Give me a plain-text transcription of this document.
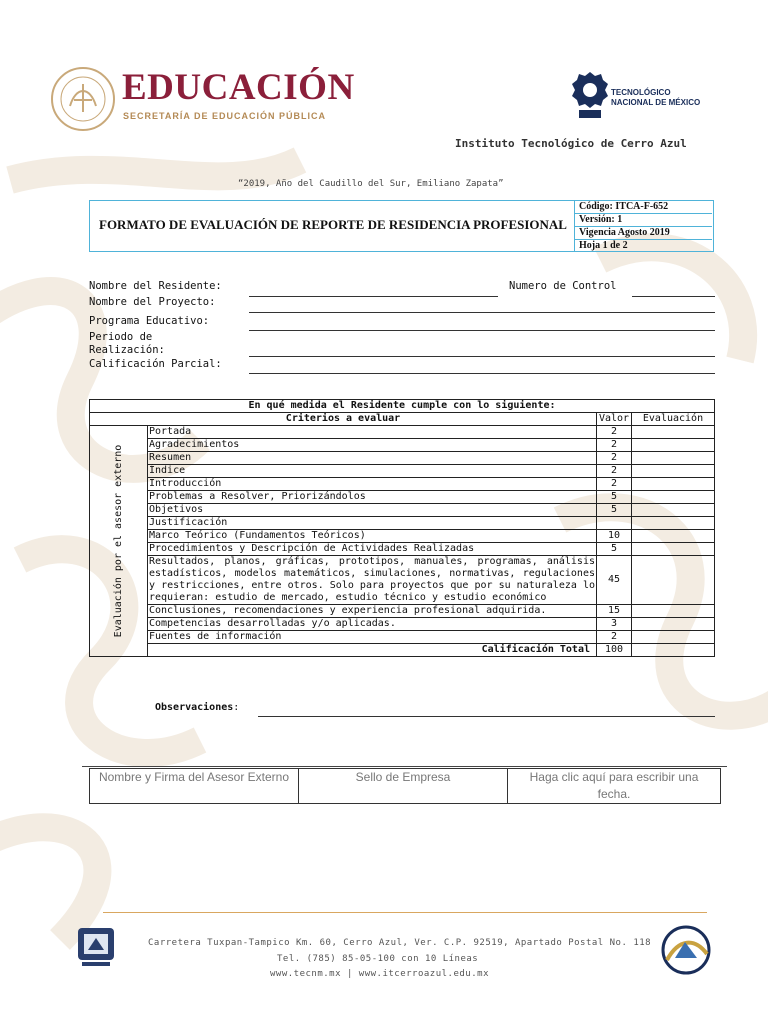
EDUCACIÓN
SECRETARÍA DE EDUCACIÓN PÚBLICA
TECNOLÓGICO
NACIONAL DE MÉXICO
Instituto Tecnológico de Cerro Azul
“2019, Año del Caudillo del Sur, Emiliano Zapata”
FORMATO DE EVALUACIÓN DE REPORTE DE RESIDENCIA PROFESIONAL
Código: ITCA-F-652
Versión: 1
Vigencia Agosto 2019
Hoja 1 de 2
Nombre del Residente:	Numero de Control
Nombre del Proyecto:
Programa Educativo:
Periodo de
Realización:
Calificación Parcial:
En qué medida el Residente cumple con lo siguiente:			
Criterios a evaluar		Valor	Evaluación

Evaluación por el asesor externo	Portada	2	
	Agradecimientos	2	
	Resumen	2	
	Índice	2	
	Introducción	2	
	Problemas a Resolver, Priorizándolos	5	
	Objetivos	5	
	Justificación		
	Marco Teórico (Fundamentos Teóricos)	10	
	Procedimientos y Descripción de Actividades Realizadas	5	
	Resultados, planos, gráficas, prototipos, manuales, programas, análisis estadísticos, modelos matemáticos, simulaciones, normativas, regulaciones y restricciones, entre otros. Solo para proyectos que por su naturaleza lo requieran: estudio de mercado, estudio técnico y estudio económico	45	
	Conclusiones, recomendaciones y experiencia profesional adquirida.	15	
	Competencias desarrolladas y/o aplicadas.	3	
	Fuentes de información	2	
	Calificación Total	100	
Observaciones:
Nombre y Firma del Asesor Externo	Sello de Empresa	Haga clic aquí para escribir una fecha.
Carretera Tuxpan-Tampico Km. 60, Cerro Azul, Ver. C.P. 92519, Apartado Postal No. 118
Tel. (785) 85-05-100 con 10 Líneas
www.tecnm.mx | www.itcerroazul.edu.mx
